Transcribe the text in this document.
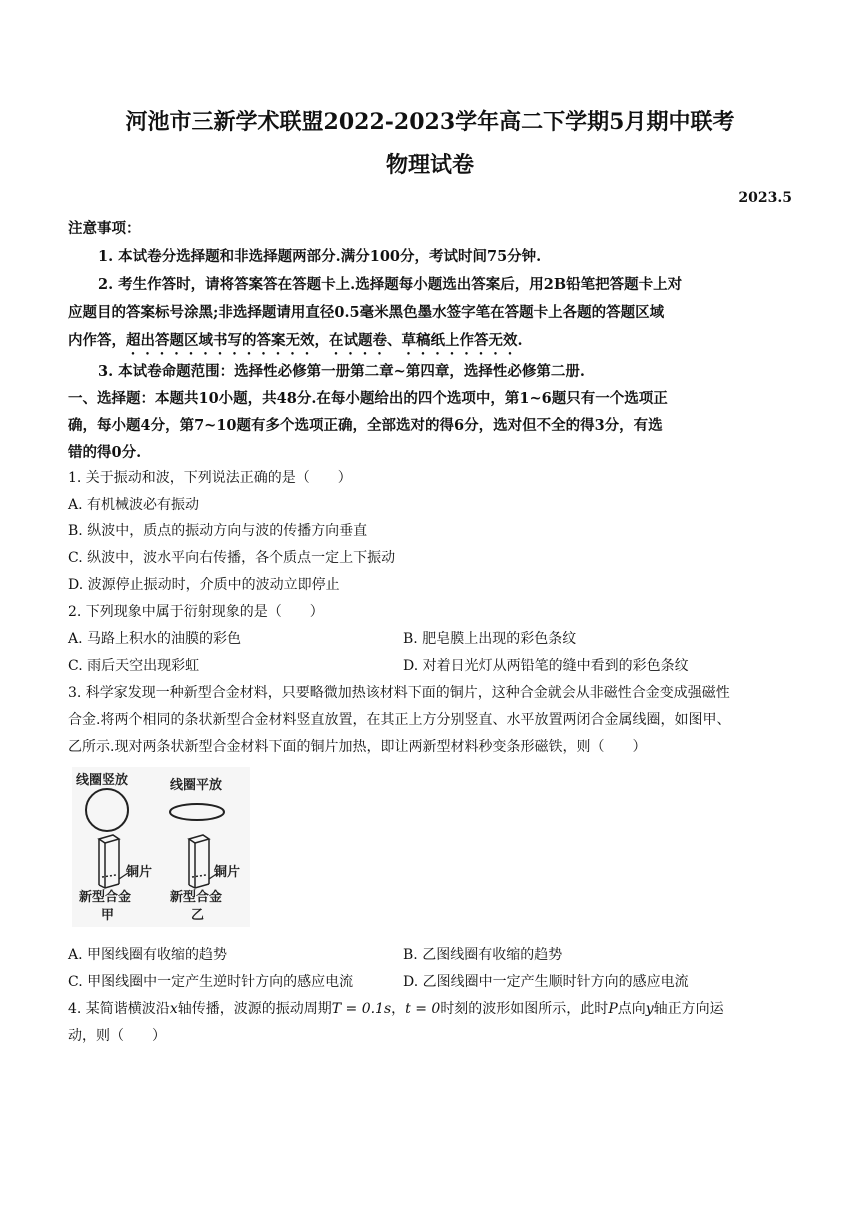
河池市三新学术联盟2022-2023学年高二下学期5月期中联考
物理试卷
2023.5
注意事项：
1. 本试卷分选择题和非选择题两部分.满分100分，考试时间75分钟.
2. 考生作答时，请将答案答在答题卡上.选择题每小题选出答案后，用2B铅笔把答题卡上对
应题目的答案标号涂黑;非选择题请用直径0.5毫米黑色墨水签字笔在答题卡上各题的答题区域
内作答，超出答题区域书写的答案无效，在试题卷、草稿纸上作答无效.
3. 本试卷命题范围：选择性必修第一册第二章~第四章，选择性必修第二册.
一、选择题：本题共10小题，共48分.在每小题给出的四个选项中，第1~6题只有一个选项正
确，每小题4分，第7~10题有多个选项正确，全部选对的得6分，选对但不全的得3分，有选
错的得0分.
1. 关于振动和波，下列说法正确的是（　　）
A. 有机械波必有振动
B. 纵波中，质点的振动方向与波的传播方向垂直
C. 纵波中，波水平向右传播，各个质点一定上下振动
D. 波源停止振动时，介质中的波动立即停止
2. 下列现象中属于衍射现象的是（　　）
A. 马路上积水的油膜的彩色	B. 肥皂膜上出现的彩色条纹
C. 雨后天空出现彩虹	D. 对着日光灯从两铅笔的缝中看到的彩色条纹
3. 科学家发现一种新型合金材料，只要略微加热该材料下面的铜片，这种合金就会从非磁性合金变成强磁性
合金.将两个相同的条状新型合金材料竖直放置，在其正上方分别竖直、水平放置两闭合金属线圈，如图甲、
乙所示.现对两条状新型合金材料下面的铜片加热，即让两新型材料秒变条形磁铁，则（　　）
线圈竖放
铜片
新型合金
甲
线圈平放
铜片
新型合金
乙
A. 甲图线圈有收缩的趋势	B. 乙图线圈有收缩的趋势
C. 甲图线圈中一定产生逆时针方向的感应电流	D. 乙图线圈中一定产生顺时针方向的感应电流
4. 某简谐横波沿x轴传播，波源的振动周期T = 0.1s，t = 0时刻的波形如图所示，此时P点向y轴正方向运
动，则（　　）
